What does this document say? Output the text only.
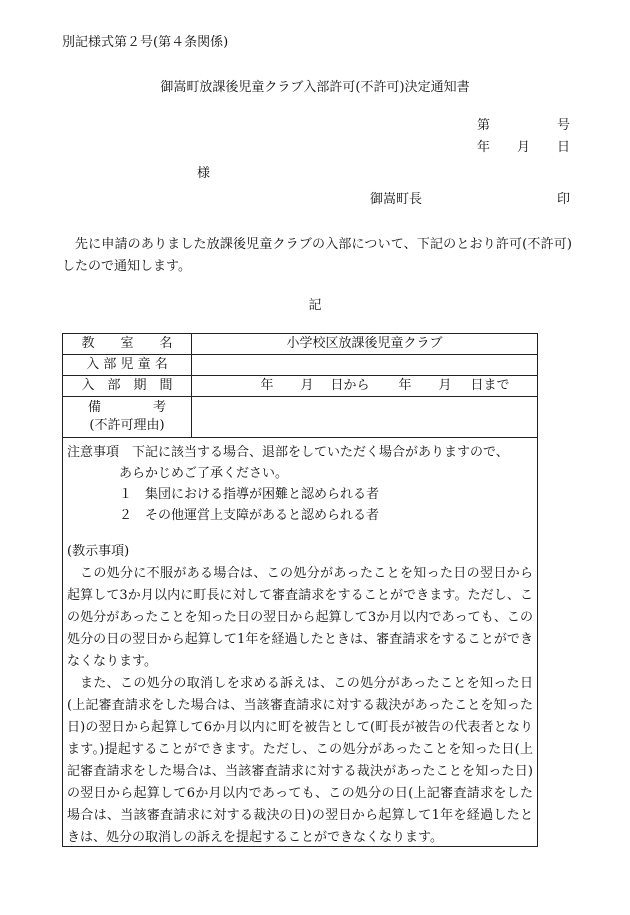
別記様式第２号(第４条関係)
御嵩町放課後児童クラブ入部許可(不許可)決定通知書
第	号
年 月 日
様
御嵩町長	印
先に申請のありました放課後児童クラブの入部について、下記のとおり許可(不許可)したので通知します。
記
教　　室　　名	小学校区放課後児童クラブ
入 部 児 童 名	
入　部　期　間	年 月 日から 年 月 日まで

備　　　　考
(不許可理由)	

注意事項　下記に該当する場合、退部をしていただく場合がありますので、
あらかじめご了承ください。
１　集団における指導が困難と認められる者
２　その他運営上支障があると認められる者

(教示事項)

この処分に不服がある場合は、この処分があったことを知った日の翌日から起算して3か月以内に町長に対して審査請求をすることができます。ただし、この処分があったことを知った日の翌日から起算して3か月以内であっても、この処分の日の翌日から起算して1年を経過したときは、審査請求をすることができなくなります。

また、この処分の取消しを求める訴えは、この処分があったことを知った日(上記審査請求をした場合は、当該審査請求に対する裁決があったことを知った日)の翌日から起算して6か月以内に町を被告として(町長が被告の代表者となります。)提起することができます。ただし、この処分があったことを知った日(上記審査請求をした場合は、当該審査請求に対する裁決があったことを知った日)の翌日から起算して6か月以内であっても、この処分の日(上記審査請求をした場合は、当該審査請求に対する裁決の日)の翌日から起算して1年を経過したときは、処分の取消しの訴えを提起することができなくなります。
